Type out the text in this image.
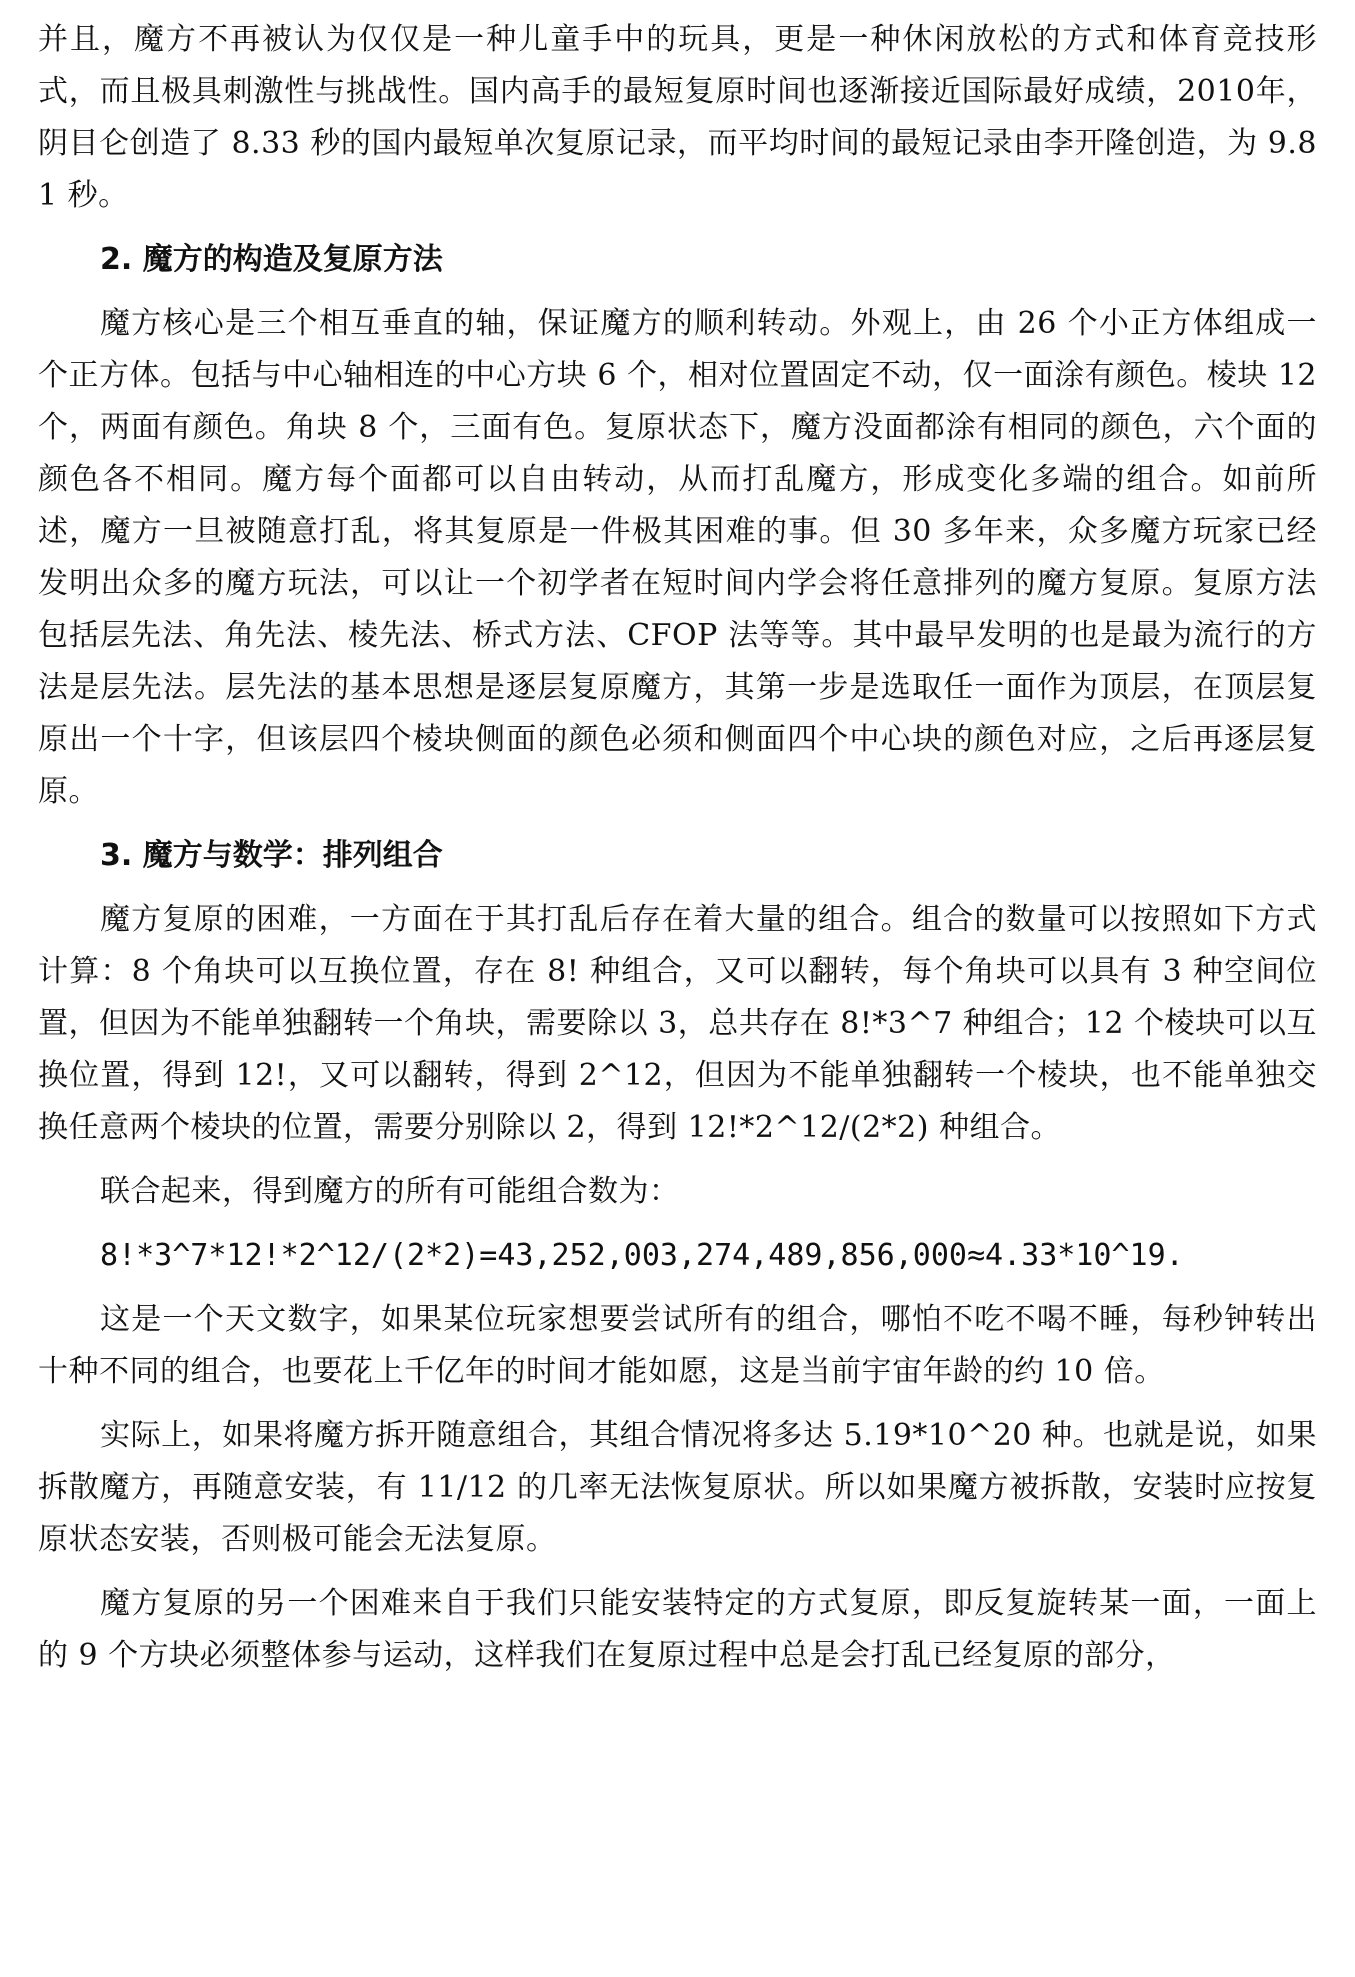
并且，魔方不再被认为仅仅是一种儿童手中的玩具，更是一种休闲放松的方式和体育竞技形式，而且极具刺激性与挑战性。国内高手的最短复原时间也逐渐接近国际最好成绩，2010年，阴目仑创造了 8.33 秒的国内最短单次复原记录，而平均时间的最短记录由李开隆创造，为 9.81 秒。

2. 魔方的构造及复原方法

魔方核心是三个相互垂直的轴，保证魔方的顺利转动。外观上，由 26 个小正方体组成一个正方体。包括与中心轴相连的中心方块 6 个，相对位置固定不动，仅一面涂有颜色。棱块 12 个，两面有颜色。角块 8 个，三面有色。复原状态下，魔方没面都涂有相同的颜色，六个面的颜色各不相同。魔方每个面都可以自由转动，从而打乱魔方，形成变化多端的组合。如前所述，魔方一旦被随意打乱，将其复原是一件极其困难的事。但 30 多年来，众多魔方玩家已经发明出众多的魔方玩法，可以让一个初学者在短时间内学会将任意排列的魔方复原。复原方法包括层先法、角先法、棱先法、桥式方法、CFOP 法等等。其中最早发明的也是最为流行的方法是层先法。层先法的基本思想是逐层复原魔方，其第一步是选取任一面作为顶层，在顶层复原出一个十字，但该层四个棱块侧面的颜色必须和侧面四个中心块的颜色对应，之后再逐层复原。

3. 魔方与数学：排列组合

魔方复原的困难，一方面在于其打乱后存在着大量的组合。组合的数量可以按照如下方式计算：8 个角块可以互换位置，存在 8! 种组合，又可以翻转，每个角块可以具有 3 种空间位置，但因为不能单独翻转一个角块，需要除以 3，总共存在 8!*3^7 种组合；12 个棱块可以互换位置，得到 12!，又可以翻转，得到 2^12，但因为不能单独翻转一个棱块，也不能单独交换任意两个棱块的位置，需要分别除以 2，得到 12!*2^12/(2*2) 种组合。

联合起来，得到魔方的所有可能组合数为：

8!*3^7*12!*2^12/(2*2)=43,252,003,274,489,856,000≈4.33*10^19.

这是一个天文数字，如果某位玩家想要尝试所有的组合，哪怕不吃不喝不睡，每秒钟转出十种不同的组合，也要花上千亿年的时间才能如愿，这是当前宇宙年龄的约 10 倍。

实际上，如果将魔方拆开随意组合，其组合情况将多达 5.19*10^20 种。也就是说，如果拆散魔方，再随意安装，有 11/12 的几率无法恢复原状。所以如果魔方被拆散，安装时应按复原状态安装，否则极可能会无法复原。

魔方复原的另一个困难来自于我们只能安装特定的方式复原，即反复旋转某一面，一面上的 9 个方块必须整体参与运动，这样我们在复原过程中总是会打乱已经复原的部分，
